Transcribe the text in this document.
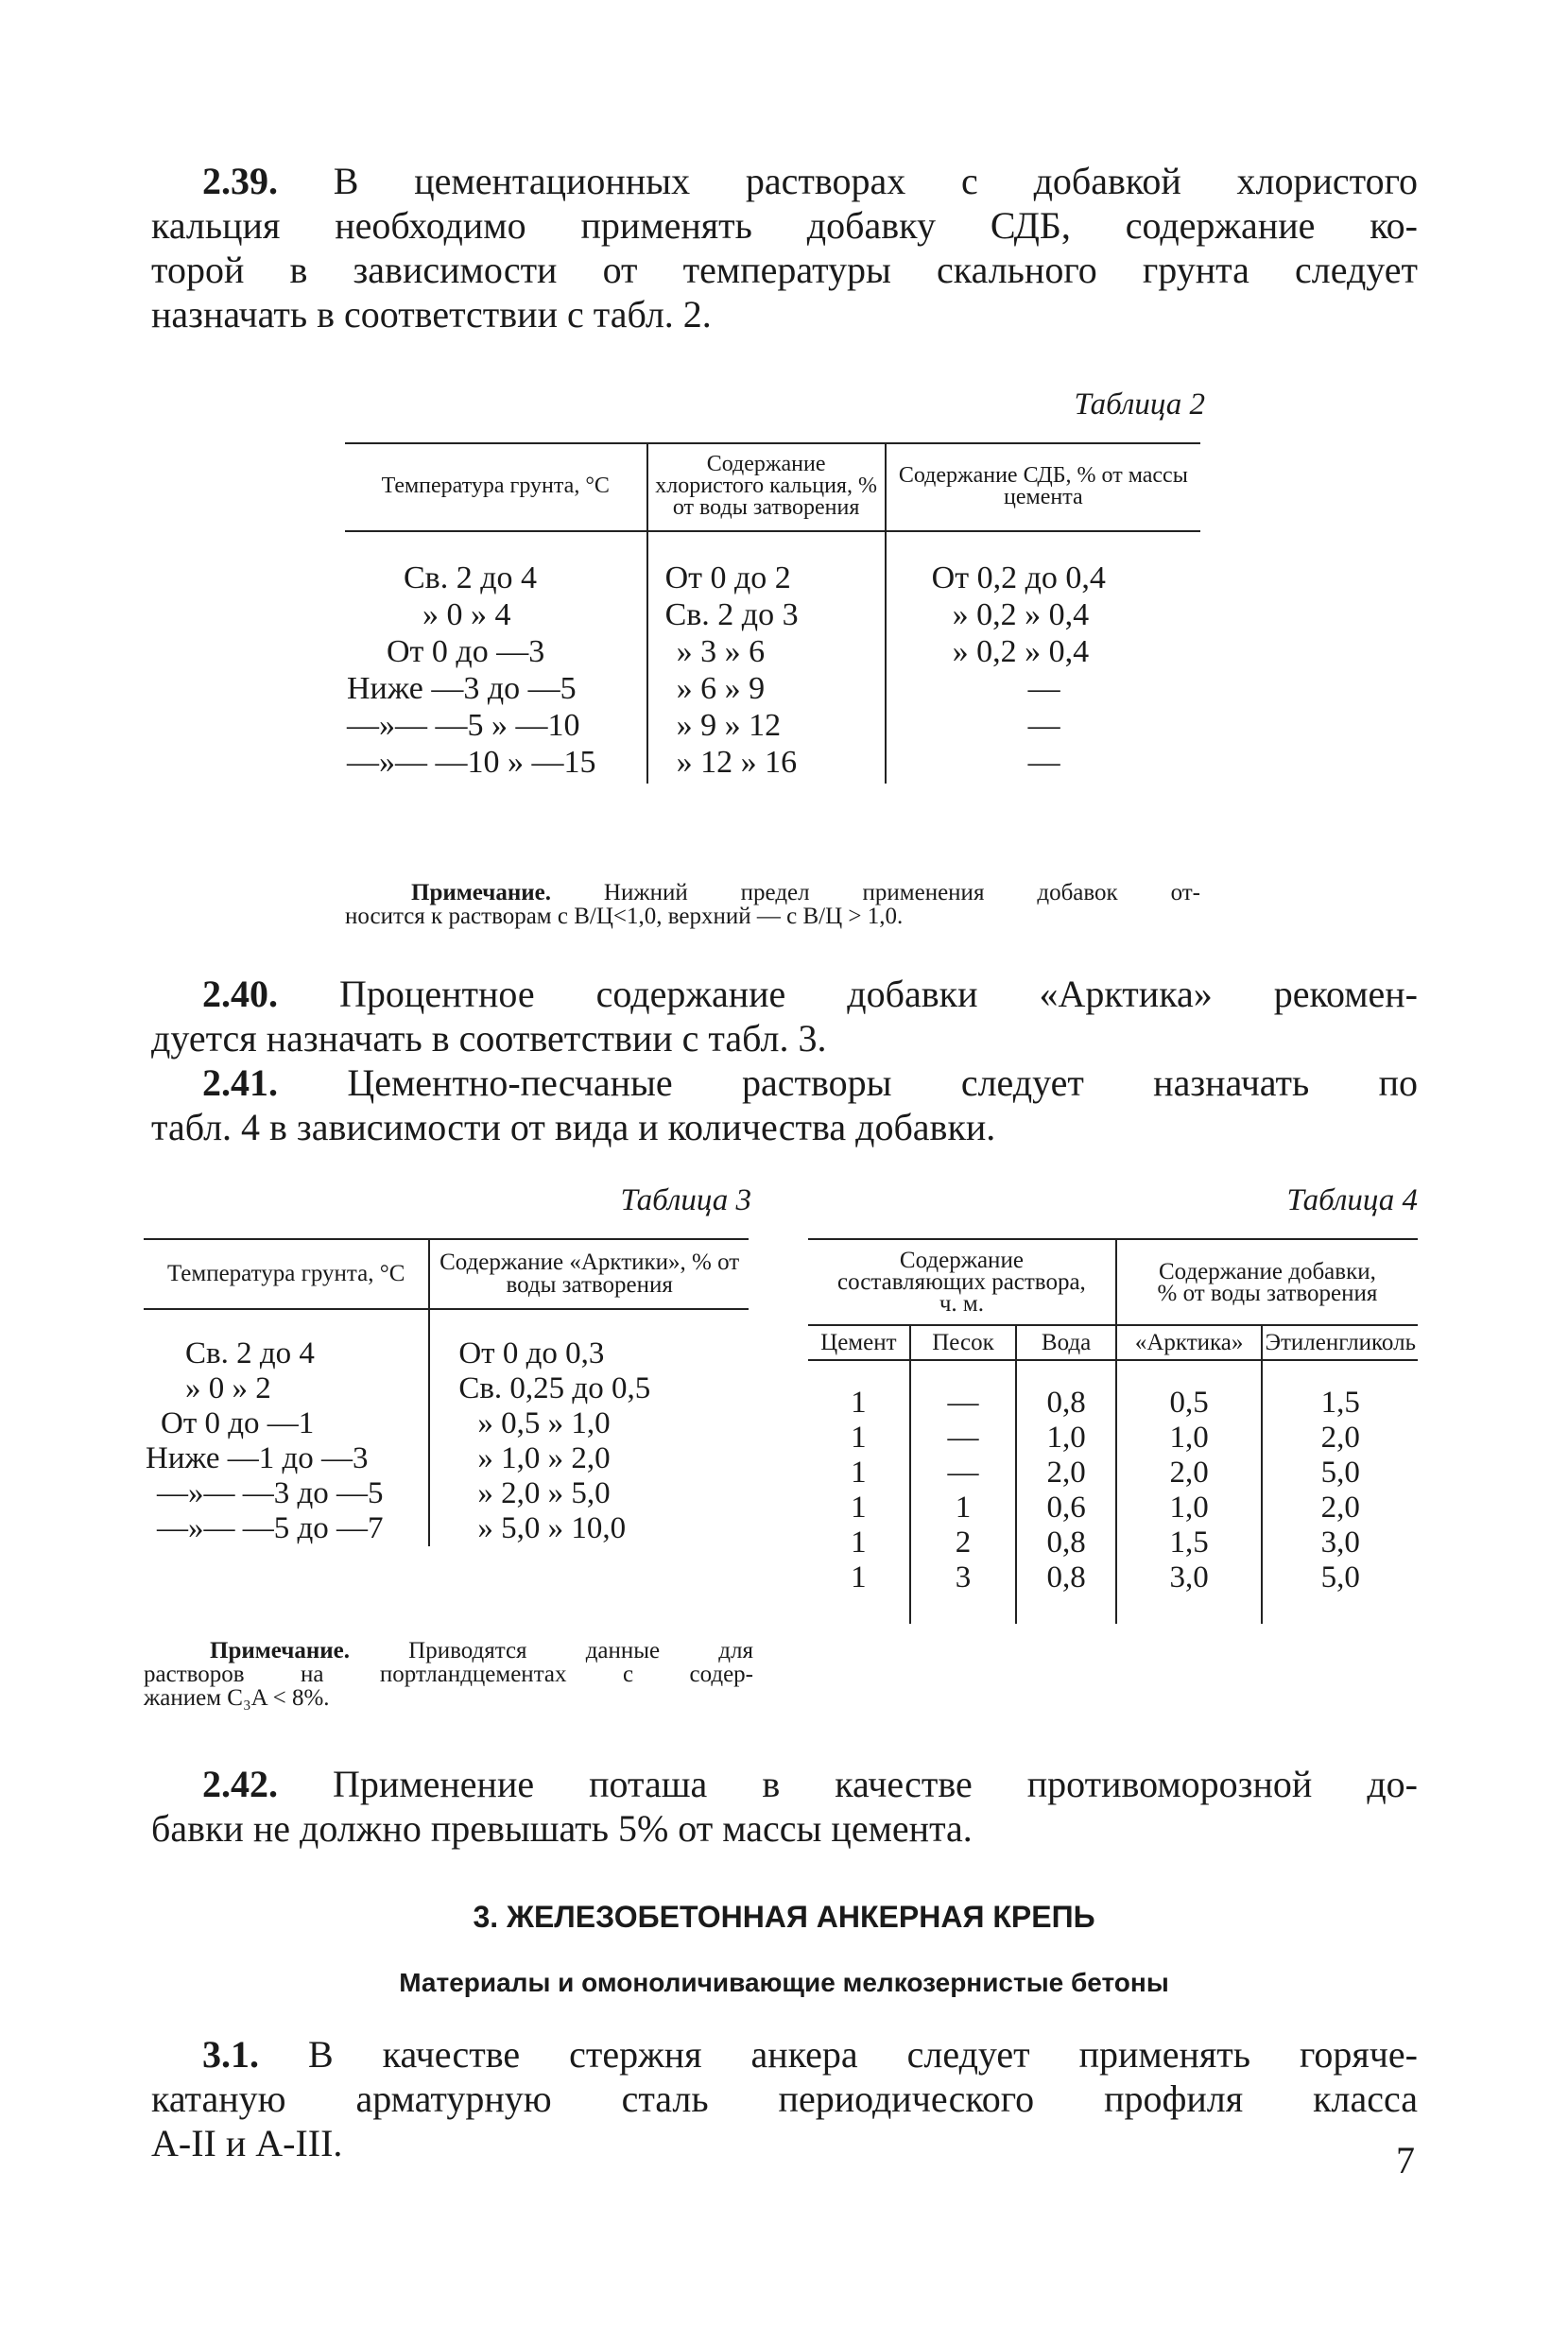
2.39. В цементационных растворах с добавкой хлористого
кальция необходимо применять добавку СДБ, содержание ко-
торой в зависимости от температуры скального грунта следует
назначать в соответствии с табл. 2.
Таблица 2
Температура грунта, °С	Содержание хлористого кальция, % от воды затворения	Содержание СДБ, % от массы цемента
Св. 2 до 4	От 0 до 2	От 0,2 до 0,4
» 0 » 4	Св. 2 до 3	» 0,2 » 0,4
От 0 до —3	» 3 » 6	» 0,2 » 0,4
Ниже —3 до —5	» 6 » 9	—
—»— —5 » —10	» 9 » 12	—
—»— —10 » —15	» 12 » 16	—
Примечание. Нижний предел применения добавок от-
носится к растворам с В/Ц<1,0, верхний — с В/Ц > 1,0.
2.40. Процентное содержание добавки «Арктика» рекомен-
дуется назначать в соответствии с табл. 3.
2.41. Цементно-песчаные растворы следует назначать по
табл. 4 в зависимости от вида и количества добавки.
Таблица 3
Температура грунта, °С	Содержание «Арктики», % от воды затворения
Св. 2 до 4	От 0 до 0,3
» 0 » 2	Св. 0,25 до 0,5
От 0 до —1	» 0,5 » 1,0
Ниже —1 до —3	» 1,0 » 2,0
—»— —3 до —5	» 2,0 » 5,0
—»— —5 до —7	» 5,0 » 10,0
Примечание. Приводятся данные для
растворов на портландцементах с содер-
жанием C₃A < 8%.
Таблица 4
Содержание составляющих раствора, ч. м.			Содержание добавки, % от воды затворения	
Цемент	Песок	Вода	«Арктика»	Этиленгликоль
1	—	0,8	0,5	1,5
1	—	1,0	1,0	2,0
1	—	2,0	2,0	5,0
1	1	0,6	1,0	2,0
1	2	0,8	1,5	3,0
1	3	0,8	3,0	5,0
2.42. Применение поташа в качестве противоморозной до-
бавки не должно превышать 5% от массы цемента.
3. ЖЕЛЕЗОБЕТОННАЯ АНКЕРНАЯ КРЕПЬ
Материалы и омоноличивающие мелкозернистые бетоны
3.1. В качестве стержня анкера следует применять горяче-
катаную арматурную сталь периодического профиля класса
А-II и А-III.	7
